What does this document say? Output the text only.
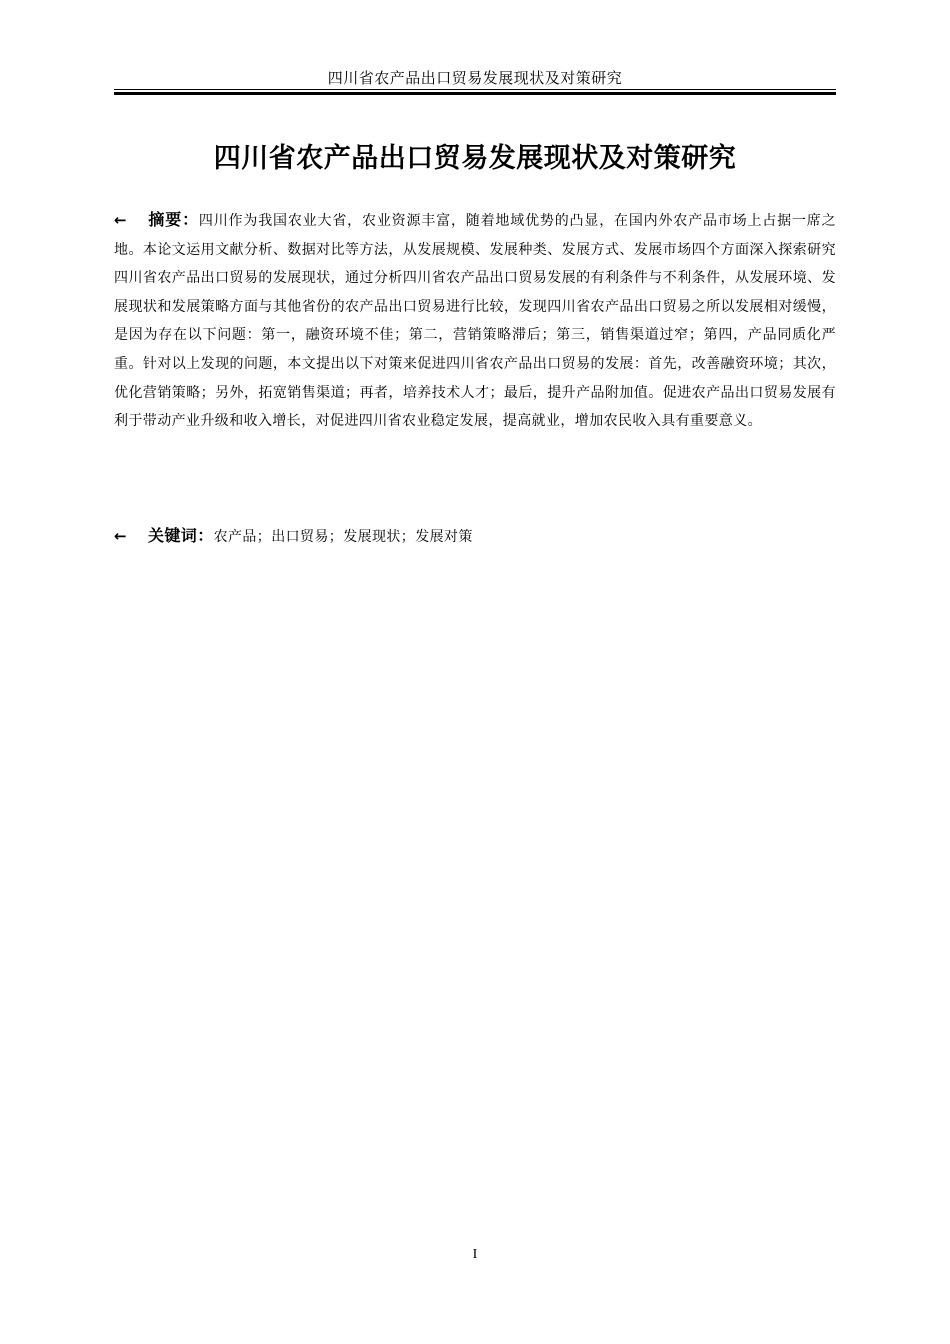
四川省农产品出口贸易发展现状及对策研究
四川省农产品出口贸易发展现状及对策研究
← 摘要：四川作为我国农业大省，农业资源丰富，随着地域优势的凸显，在国内外农产品市场上占据一席之地。本论文运用文献分析、数据对比等方法，从发展规模、发展种类、发展方式、发展市场四个方面深入探索研究四川省农产品出口贸易的发展现状，通过分析四川省农产品出口贸易发展的有利条件与不利条件，从发展环境、发展现状和发展策略方面与其他省份的农产品出口贸易进行比较，发现四川省农产品出口贸易之所以发展相对缓慢，是因为存在以下问题：第一，融资环境不佳；第二，营销策略滞后；第三，销售渠道过窄；第四，产品同质化严重。针对以上发现的问题，本文提出以下对策来促进四川省农产品出口贸易的发展：首先，改善融资环境；其次，优化营销策略；另外，拓宽销售渠道；再者，培养技术人才；最后，提升产品附加值。促进农产品出口贸易发展有利于带动产业升级和收入增长，对促进四川省农业稳定发展，提高就业，增加农民收入具有重要意义。
← 关键词：农产品；出口贸易；发展现状；发展对策
I
